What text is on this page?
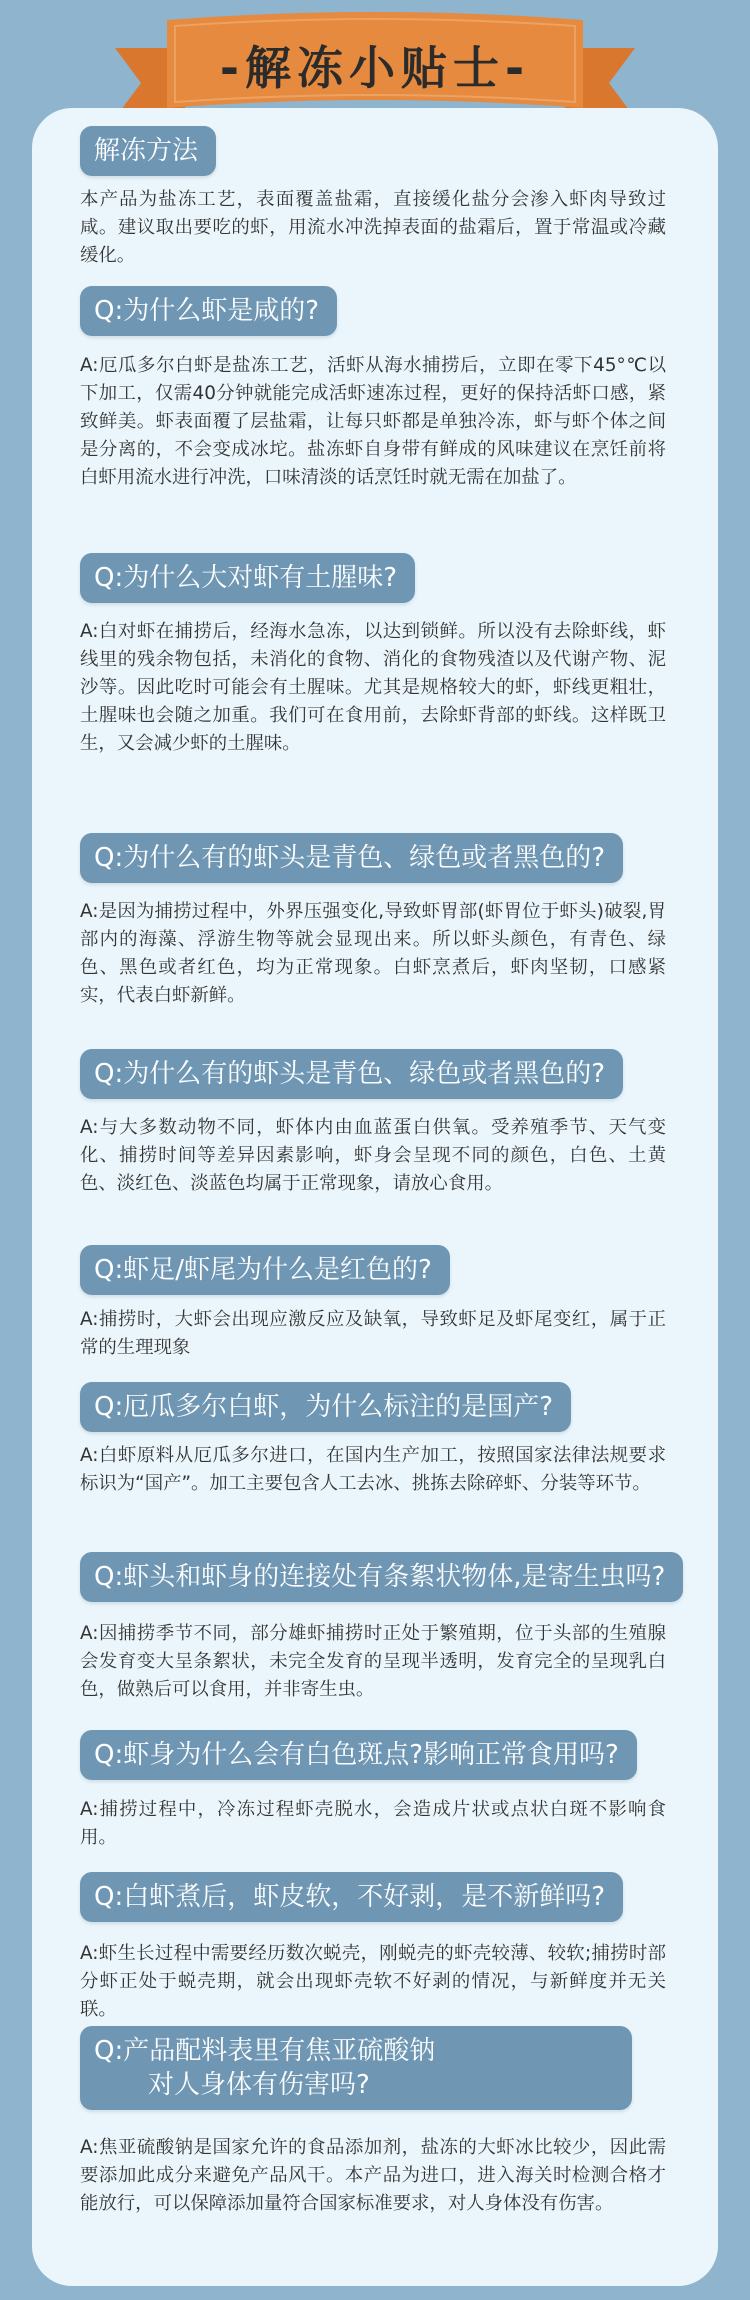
-解冻小贴士-
解冻方法
本产品为盐冻工艺，表面覆盖盐霜，直接缓化盐分会渗入虾肉导致过咸。建议取出要吃的虾，用流水冲洗掉表面的盐霜后，置于常温或冷藏缓化。
Q:为什么虾是咸的?
A:厄瓜多尔白虾是盐冻工艺，活虾从海水捕捞后，立即在零下45°℃以下加工，仅需40分钟就能完成活虾速冻过程，更好的保持活虾口感，紧致鲜美。虾表面覆了层盐霜，让每只虾都是单独冷冻，虾与虾个体之间是分离的，不会变成冰坨。盐冻虾自身带有鲜成的风味建议在烹饪前将白虾用流水进行冲洗，口味清淡的话烹饪时就无需在加盐了。
Q:为什么大对虾有土腥味?
A:白对虾在捕捞后，经海水急冻，以达到锁鲜。所以没有去除虾线，虾线里的残余物包括，未消化的食物、消化的食物残渣以及代谢产物、泥沙等。因此吃时可能会有土腥味。尤其是规格较大的虾，虾线更粗壮，土腥味也会随之加重。我们可在食用前，去除虾背部的虾线。这样既卫生，又会减少虾的土腥味。
Q:为什么有的虾头是青色、绿色或者黑色的?
A:是因为捕捞过程中，外界压强变化,导致虾胃部(虾胃位于虾头)破裂,胃部内的海藻、浮游生物等就会显现出来。所以虾头颜色，有青色、绿色、黑色或者红色，均为正常现象。白虾烹煮后，虾肉坚韧，口感紧实，代表白虾新鲜。
Q:为什么有的虾头是青色、绿色或者黑色的?
A:与大多数动物不同，虾体内由血蓝蛋白供氧。受养殖季节、天气变化、捕捞时间等差异因素影响，虾身会呈现不同的颜色，白色、土黄色、淡红色、淡蓝色均属于正常现象，请放心食用。
Q:虾足/虾尾为什么是红色的?
A:捕捞时，大虾会出现应激反应及缺氧，导致虾足及虾尾变红，属于正常的生理现象
Q:厄瓜多尔白虾，为什么标注的是国产?
A:白虾原料从厄瓜多尔进口，在国内生产加工，按照国家法律法规要求标识为“国产”。加工主要包含人工去冰、挑拣去除碎虾、分装等环节。
Q:虾头和虾身的连接处有条絮状物体,是寄生虫吗?
A:因捕捞季节不同，部分雄虾捕捞时正处于繁殖期，位于头部的生殖腺会发育变大呈条絮状，未完全发育的呈现半透明，发育完全的呈现乳白色，做熟后可以食用，并非寄生虫。
Q:虾身为什么会有白色斑点?影响正常食用吗?
A:捕捞过程中，冷冻过程虾壳脱水，会造成片状或点状白斑不影响食用。
Q:白虾煮后，虾皮软，不好剥，是不新鲜吗?
A:虾生长过程中需要经历数次蜕壳，刚蜕壳的虾壳较薄、较软;捕捞时部分虾正处于蜕壳期，就会出现虾壳软不好剥的情况，与新鲜度并无关联。
Q:产品配料表里有焦亚硫酸钠
对人身体有伤害吗?
A:焦亚硫酸钠是国家允许的食品添加剂，盐冻的大虾冰比较少，因此需要添加此成分来避免产品风干。本产品为进口，进入海关时检测合格才能放行，可以保障添加量符合国家标准要求，对人身体没有伤害。
